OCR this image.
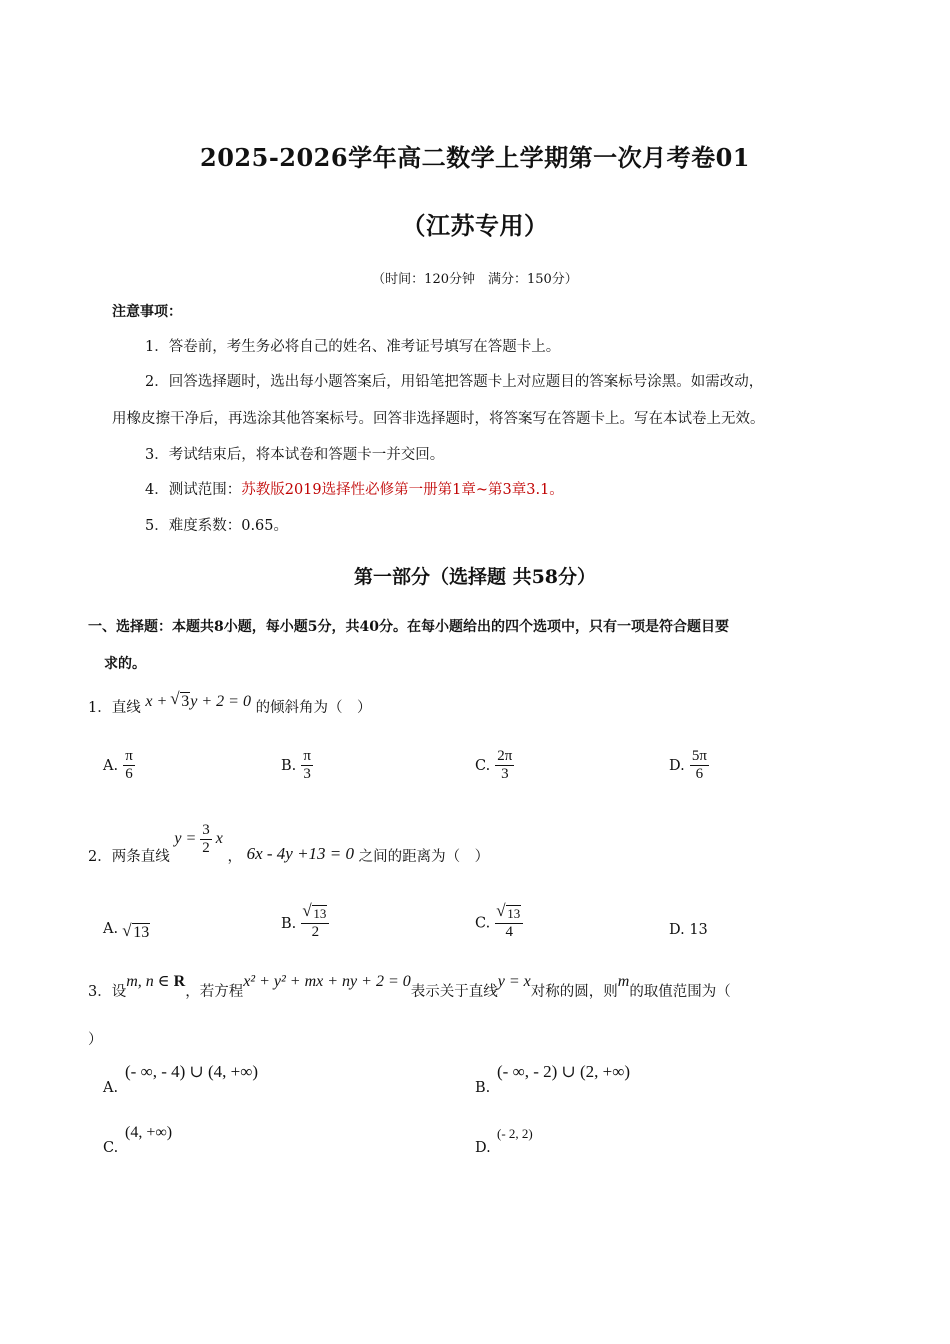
2025-2026学年高二数学上学期第一次月考卷01
（江苏专用）
（时间：120分钟　满分：150分）
注意事项：
1．答卷前，考生务必将自己的姓名、准考证号填写在答题卡上。
2．回答选择题时，选出每小题答案后，用铅笔把答题卡上对应题目的答案标号涂黑。如需改动，
用橡皮擦干净后，再选涂其他答案标号。回答非选择题时，将答案写在答题卡上。写在本试卷上无效。
3．考试结束后，将本试卷和答题卡一并交回。
4．测试范围：苏教版2019选择性必修第一册第1章~第3章3.1。
5．难度系数：0.65。
第一部分（选择题 共58分）
一、选择题：本题共8小题，每小题5分，共40分。在每小题给出的四个选项中，只有一项是符合题目要
求的。
1．直线 x + √ 3y + 2 = 0 的倾斜角为（　）
A. $\frac{\pi}{6}$	B. $\frac{\pi}{3}$	C. $\frac{2\pi}{3}$	D. $\frac{5\pi}{6}$
2．两条直线 $y = \frac{3}{2}$ x ， 6x - 4y +13 = 0 之间的距离为（　）
A. √ 13
B. √ $\frac{13}{2}$	C. √ $\frac{13}{4}$	D. 13
3．设m, n ∈ R，若方程x² + y² + mx + ny + 2 = 0表示关于直线y = x对称的圆，则m的取值范围为（
）
A.
(- ∞, - 4) ∪ (4, +∞)
B.
(- ∞, - 2) ∪ (2, +∞)
C.
(4, +∞)
D.
(- 2, 2)
